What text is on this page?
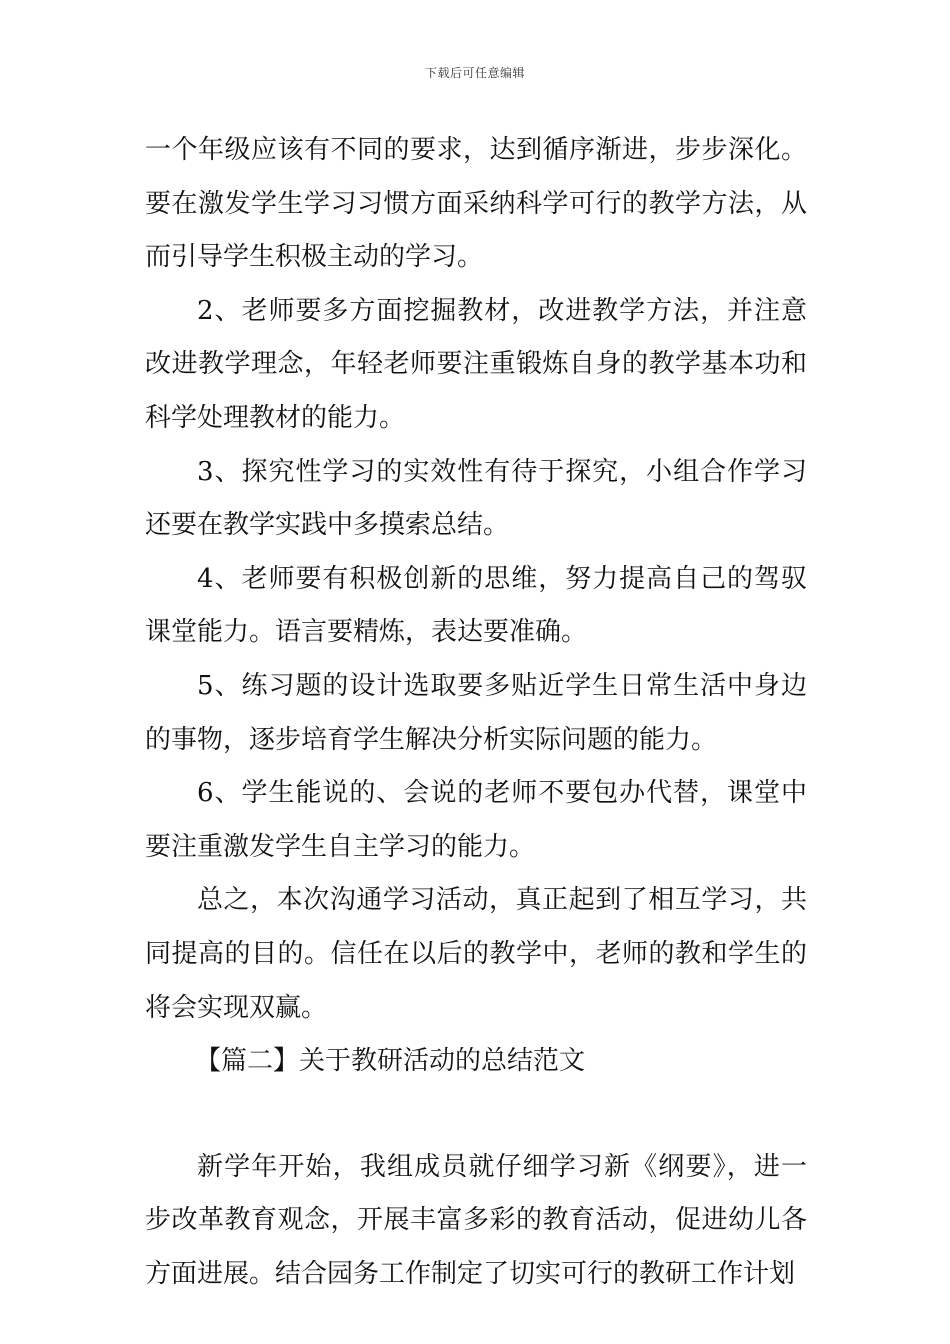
下载后可任意编辑

一个年级应该有不同的要求，达到循序渐进，步步深化。要在激发学生学习习惯方面采纳科学可行的教学方法，从而引导学生积极主动的学习。

2、老师要多方面挖掘教材，改进教学方法，并注意改进教学理念，年轻老师要注重锻炼自身的教学基本功和科学处理教材的能力。

3、探究性学习的实效性有待于探究，小组合作学习还要在教学实践中多摸索总结。

4、老师要有积极创新的思维，努力提高自己的驾驭课堂能力。语言要精炼，表达要准确。

5、练习题的设计选取要多贴近学生日常生活中身边的事物，逐步培育学生解决分析实际问题的能力。

6、学生能说的、会说的老师不要包办代替，课堂中要注重激发学生自主学习的能力。

总之，本次沟通学习活动，真正起到了相互学习，共同提高的目的。信任在以后的教学中，老师的教和学生的将会实现双赢。

【篇二】关于教研活动的总结范文

新学年开始，我组成员就仔细学习新《纲要》，进一步改革教育观念，开展丰富多彩的教育活动，促进幼儿各方面进展。结合园务工作制定了切实可行的教研工作计划
